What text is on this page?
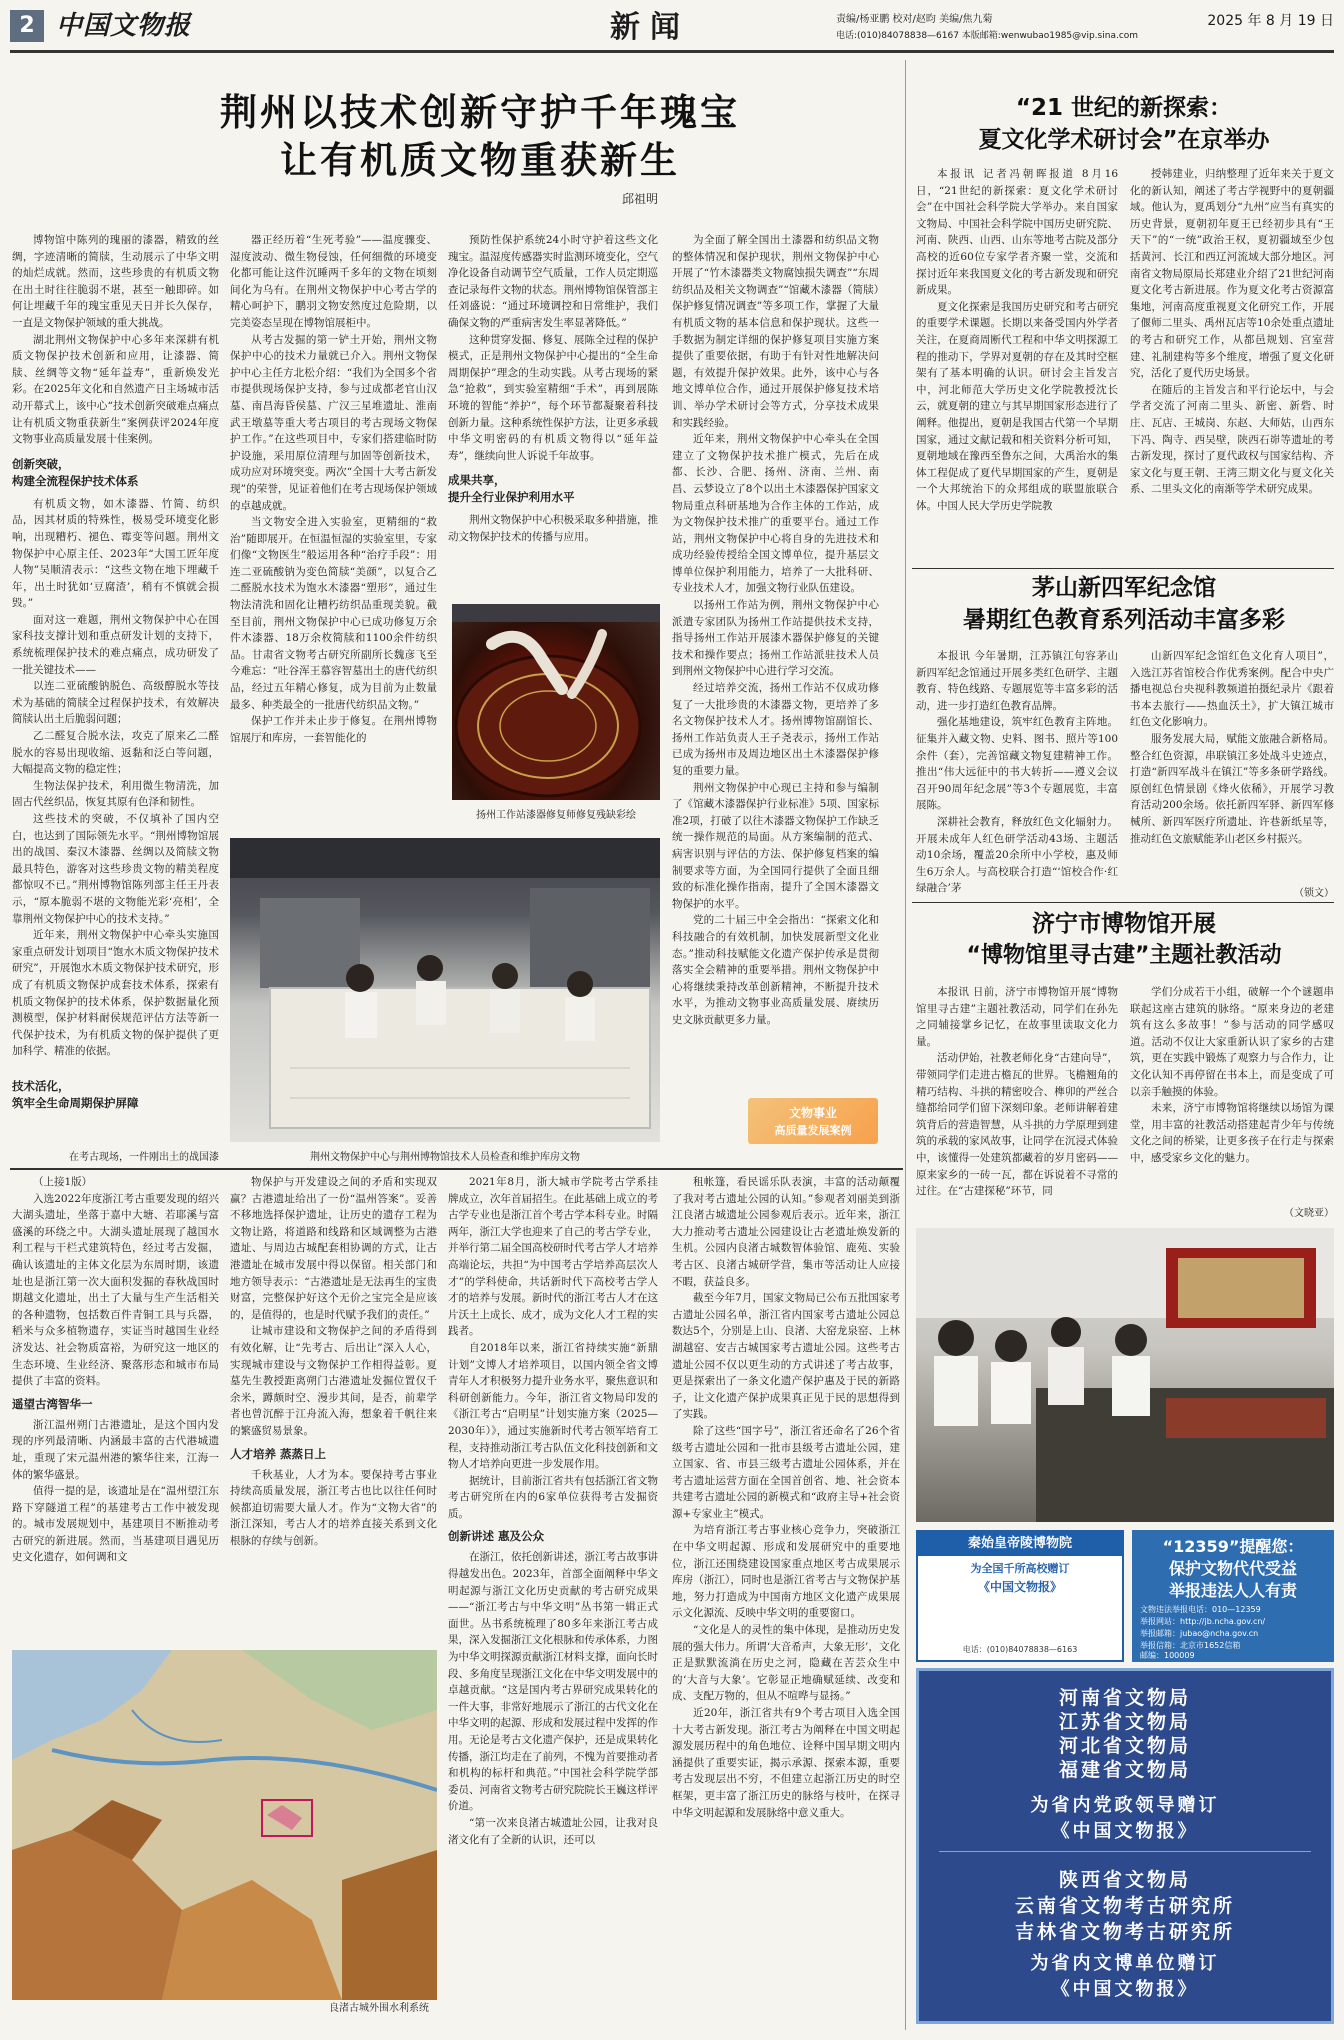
2 中国文物报	新闻	责编/杨亚鹏 校对/赵昀 美编/焦九菊
电话:(010)84078838—6167 本版邮箱:wenwubao1985@vip.sina.com
2025 年 8 月 19 日
荆州以技术创新守护千年瑰宝
让有机质文物重获新生
邱祖明

博物馆中陈列的瑰丽的漆器，精致的丝绸，字迹清晰的简牍，生动展示了中华文明的灿烂成就。然而，这些珍贵的有机质文物在出土时往往脆弱不堪，甚至一触即碎。如何让埋藏千年的瑰宝重见天日并长久保存，一直是文物保护领域的重大挑战。

湖北荆州文物保护中心多年来深耕有机质文物保护技术创新和应用，让漆器、简牍、丝绸等文物“延年益寿”，重新焕发光彩。在2025年文化和自然遗产日主场城市活动开幕式上，该中心“技术创新突破难点痛点 让有机质文物重获新生”案例获评2024年度文物事业高质量发展十佳案例。

创新突破，

构建全流程保护技术体系

有机质文物，如木漆器、竹简、纺织品，因其材质的特殊性，极易受环境变化影响，出现糟朽、褪色、霉变等问题。荆州文物保护中心原主任、2023年“大国工匠年度人物”吴顺清表示：“这些文物在地下埋藏千年，出土时犹如‘豆腐渣’，稍有不慎就会损毁。”

面对这一难题，荆州文物保护中心在国家科技支撑计划和重点研发计划的支持下，系统梳理保护技术的难点痛点，成功研发了一批关键技术——

以连二亚硫酸钠脱色、高级醇脱水等技术为基础的简牍全过程保护技术，有效解决简牍认出土后脆弱问题；

乙二醛复合脱水法，攻克了原来乙二醛脱水的容易出现收缩、返黏和泛白等问题，大幅提高文物的稳定性；

生物法保护技术，利用微生物清洗，加固古代丝织品，恢复其原有色泽和韧性。

这些技术的突破，不仅填补了国内空白，也达到了国际领先水平。“荆州博物馆展出的战国、秦汉木漆器、丝绸以及简牍文物最具特色，游客对这些珍贵文物的精美程度都惊叹不已。”荆州博物馆陈列部主任王丹表示，“原本脆弱不堪的文物能光彩‘亮相’，全靠荆州文物保护中心的技术支持。”

近年来，荆州文物保护中心牵头实施国家重点研发计划项目“饱水木质文物保护技术研究”，开展饱水木质文物保护技术研究，形成了有机质文物保护成套技术体系，探索有机质文物保护的技术体系，保护数据量化预测模型，保护材料耐侯规范评估方法等新一代保护技术，为有机质文物的保护提供了更加科学、精准的依据。

技术活化，

筑牢全生命周期保护屏障

在考古现场，一件刚出土的战国漆

器正经历着“生死考验”——温度骤变、湿度波动、微生物侵蚀，任何细微的环境变化都可能让这件沉睡两千多年的文物在顷刻间化为乌有。在荆州文物保护中心考古学的精心呵护下，鹏羽文物安然度过危险期，以完美姿态呈现在博物馆展柜中。

从考古发掘的第一铲土开始，荆州文物保护中心的技术力量就已介入。荆州文物保护中心主任方北松介绍：“我们为全国多个省市提供现场保护支持，参与过成都老官山汉墓、南昌海昏侯墓、广汉三星堆遗址、淮南武王墩墓等重大考古项目的考古现场文物保护工作。”在这些项目中，专家们搭建临时防护设施，采用原位清理与加固等创新技术，成功应对环境突变。两次“全国十大考古新发现”的荣誉，见证着他们在考古现场保护领域的卓越成就。

当文物安全进入实验室，更精细的“救治”随即展开。在恒温恒湿的实验室里，专家们像“文物医生”般运用各种“治疗手段”：用连二亚硫酸钠为变色简牍“美颜”，以复合乙二醛脱水技术为饱水木漆器“塑形”，通过生物法清洗和固化让糟朽纺织品重现美貌。截至目前，荆州文物保护中心已成功修复万余件木漆器、18万余枚简牍和1100余件纺织品。甘肃省文物考古研究所副所长魏彦飞至今难忘：“吐谷浑王慕容智墓出土的唐代纺织品，经过五年精心修复，成为目前为止数量最多、种类最全的一批唐代纺织品文物。”

保护工作并未止步于修复。在荆州博物馆展厅和库房，一套智能化的

预防性保护系统24小时守护着这些文化瑰宝。温湿度传感器实时监测环境变化，空气净化设备自动调节空气质量，工作人员定期巡查记录每件文物的状态。荆州博物馆保管部主任刘盛说：“通过环境调控和日常维护，我们确保文物的严重病害发生率显著降低。”

这种贯穿发掘、修复、展陈全过程的保护模式，正是荆州文物保护中心提出的“全生命周期保护”理念的生动实践。从考古现场的紧急“抢救”，到实验室精细“手术”，再到展陈环境的智能“养护”，每个环节都凝聚着科技创新力量。这种系统性保护方法，让更多承载中华文明密码的有机质文物得以“延年益寿”，继续向世人诉说千年故事。

成果共享，

提升全行业保护利用水平

荆州文物保护中心积极采取多种措施，推动文物保护技术的传播与应用。

扬州工作站漆器修复师修复残缺彩绘
荆州文物保护中心与荆州博物馆技术人员检查和维护库房文物

为全面了解全国出土漆器和纺织品文物的整体情况和保护现状，荆州文物保护中心开展了“竹木漆器类文物腐蚀损失调查”“东周纺织品及相关文物调查”“馆藏木漆器（简牍）保护修复情况调查”等多项工作，掌握了大量有机质文物的基本信息和保护现状。这些一手数据为制定详细的保护修复项目实施方案提供了重要依据，有助于有针对性地解决问题，有效提升保护效果。此外，该中心与各地文博单位合作，通过开展保护修复技术培训、举办学术研讨会等方式，分享技术成果和实践经验。

近年来，荆州文物保护中心牵头在全国建立了文物保护技术推广模式，先后在成都、长沙、合肥、扬州、济南、兰州、南昌、云梦设立了8个以出土木漆器保护国家文物局重点科研基地为合作主体的工作站，成为文物保护技术推广的重要平台。通过工作站，荆州文物保护中心将自身的先进技术和成功经验传授给全国文博单位，提升基层文博单位保护利用能力，培养了一大批科研、专业技术人才，加强文物行业队伍建设。

以扬州工作站为例，荆州文物保护中心派遣专家团队为扬州工作站提供技术支持，指导扬州工作站开展漆木器保护修复的关键技术和操作要点；扬州工作站派驻技术人员到荆州文物保护中心进行学习交流。

经过培养交流，扬州工作站不仅成功修复了一大批珍贵的木漆器文物，更培养了多名文物保护技术人才。扬州博物馆副馆长、扬州工作站负责人王子尧表示，扬州工作站已成为扬州市及周边地区出土木漆器保护修复的重要力量。

荆州文物保护中心现已主持和参与编制了《馆藏木漆器保护行业标准》5项、国家标准2项，打破了以往木漆器文物保护工作缺乏统一操作规范的局面。从方案编制的范式、病害识别与评估的方法、保护修复档案的编制要求等方面，为全国同行提供了全面且细致的标准化操作指南，提升了全国木漆器文物保护的水平。

党的二十届三中全会指出：“探索文化和科技融合的有效机制，加快发展新型文化业态。”推动科技赋能文化遗产保护传承是贯彻落实全会精神的重要举措。荆州文物保护中心将继续秉持改革创新精神，不断提升技术水平，为推动文物事业高质量发展、赓续历史文脉贡献更多力量。

文物事业
高质量发展案例
“21 世纪的新探索：
夏文化学术研讨会”在京举办

本报讯 记者冯朝晖报道 8月16日，“21世纪的新探索：夏文化学术研讨会”在中国社会科学院大学举办。来自国家文物局、中国社会科学院中国历史研究院、河南、陕西、山西、山东等地考古院及部分高校的近60位专家学者齐聚一堂，交流和探讨近年来我国夏文化的考古新发现和研究新成果。

夏文化探索是我国历史研究和考古研究的重要学术课题。长期以来备受国内外学者关注，在夏商周断代工程和中华文明探源工程的推动下，学界对夏朝的存在及其时空框架有了基本明确的认识。研讨会主旨发言中，河北师范大学历史文化学院教授沈长云，就夏朝的建立与其早期国家形态进行了阐释。他提出，夏朝是我国古代第一个早期国家，通过文献记载和相关资料分析可知，夏朝地域在豫西至鲁东之间，大禹治水的集体工程促成了夏代早期国家的产生，夏朝是一个大邦统治下的众邦组成的联盟旅联合体。中国人民大学历史学院教

授韩建业，归纳整理了近年来关于夏文化的新认知，阐述了考古学视野中的夏朝疆域。他认为，夏禹划分“九州”应当有真实的历史背景，夏朝初年夏王已经初步具有“王天下”的“一统”政治王权，夏初疆域至少包括黄河、长江和西辽河流域大部分地区。河南省文物局原局长郑建业介绍了21世纪河南夏文化考古新进展。作为夏文化考古资源富集地，河南高度重视夏文化研究工作，开展了偃师二里头、禹州瓦店等10余处重点遗址的考古和研究工作，从都邑规划、宫室营建、礼制建构等多个维度，增强了夏文化研究，活化了夏代历史场景。

在随后的主旨发言和平行论坛中，与会学者交流了河南二里头、新密、新砦、时庄、瓦店、王城岗、东赵、大师姑，山西东下冯、陶寺、西吴壁，陕西石峁等遗址的考古新发现，探讨了夏代政权与国家结构、齐家文化与夏王朝、王湾三期文化与夏文化关系、二里头文化的南渐等学术研究成果。

茅山新四军纪念馆
暑期红色教育系列活动丰富多彩

本报讯 今年暑期，江苏镇江句容茅山新四军纪念馆通过开展多类红色研学、主题教育、特色线路、专题展览等丰富多彩的活动，进一步打造红色教育品牌。

强化基地建设，筑牢红色教育主阵地。征集并入藏文物、史料、图书、照片等100余件（套），完善馆藏文物复建精神工作。推出“伟大远征中的书大转折——遵义会议召开90周年纪念展”等3个专题展览，丰富展陈。

深耕社会教育，释放红色文化辐射力。开展未成年人红色研学活动43场、主题活动10余场，覆盖20余所中小学校，惠及师生6万余人。与高校联合打造“‘馆校合作·红绿融合’茅

山新四军纪念馆红色文化育人项目”，入选江苏省馆校合作优秀案例。配合中央广播电视总台央视科教频道拍摄纪录片《跟着书本去旅行——热血沃土》，扩大镇江城市红色文化影响力。

服务发展大局，赋能文旅融合新格局。整合红色资源，串联镇江多处战斗史迹点，打造“新四军战斗在镇江”等多条研学路线。原创红色情景剧《烽火依稀》，开展学习教育活动200余场。依托新四军驿、新四军修械所、新四军医疗所遗址、许巷新纸星等，推动红色文旅赋能茅山老区乡村振兴。

（锁文）
济宁市博物馆开展
“博物馆里寻古建”主题社教活动

本报讯 日前，济宁市博物馆开展“博物馆里寻古建”主题社教活动，同学们在孙先之同辅接掌乡记忆，在故事里读取文化力量。

活动伊始，社教老师化身“古建向导”，带领同学们走进古檐瓦的世界。飞檐翘角的精巧结构、斗拱的精密咬合、榫卯的严丝合缝都给同学们留下深刻印象。老师讲解着建筑背后的营造智慧，从斗拱的力学原理到建筑的承载的家风故事，让同学在沉浸式体验中，该懂得一处建筑都藏着的岁月密码——原来家乡的一砖一瓦，都在诉说着不寻常的过往。在“古建探秘”环节，同

学们分成若干小组，破解一个个谜题串联起这座古建筑的脉络。“原来身边的老建筑有这么多故事！”参与活动的同学感叹道。活动不仅让大家重新认识了家乡的古建筑，更在实践中锻炼了观察力与合作力，让文化认知不再停留在书本上，而是变成了可以亲手触摸的体验。

未来，济宁市博物馆将继续以场馆为课堂，用丰富的社教活动搭建起青少年与传统文化之间的桥梁，让更多孩子在行走与探索中，感受家乡文化的魅力。

（文晓亚）
秦始皇帝陵博物院
为全国千所高校赠订
《中国文物报》
电话：(010)84078838—6163
“12359”提醒您：
保护文物代代受益
举报违法人人有责
文物违法举报电话：010—12359
举报网站：http://jb.ncha.gov.cn/
举报邮箱：jubao@ncha.gov.cn
举报信箱：北京市1652信箱
邮编：100009
河南省文物局
江苏省文物局
河北省文物局
福建省文物局
为省内党政领导赠订
《中国文物报》
陕西省文物局
云南省文物考古研究所
吉林省文物考古研究所
为省内文博单位赠订
《中国文物报》

（上接1版）

入选2022年度浙江考古重要发现的绍兴大湖头遗址，坐落于嘉中大塘、若耶溪与富盛溪的环绕之中。大湖头遗址展现了越国水利工程与干栏式建筑特色，经过考古发掘，确认该遗址的主体文化层为东周时期，该遗址也是浙江第一次大面积发掘的春秋战国时期越文化遗址，出土了大量与生产生活相关的各种遗物，包括数百件青铜工具与兵器，稻米与众多植物遗存，实证当时越国生业经济发达、社会物质富裕，为研究这一地区的生态环境、生业经济、聚落形态和城市布局提供了丰富的资料。

遥望古湾智华一

浙江温州朔门古港遗址，是这个国内发现的序列最清晰、内涵最丰富的古代港城遗址，重现了宋元温州港的繁华往来，江海一体的繁华盛景。

值得一提的是，该遗址是在“温州望江东路下穿隧道工程”的基建考古工作中被发现的。城市发展规划中，基建项目不断推动考古研究的新进展。然而，当基建项目遇见历史文化遗存，如何调和文

物保护与开发建设之间的矛盾和实现双赢？古港遗址给出了一份“温州答案”。妥善不移地选择保护遗址，让历史的遗存工程为文物让路，将道路和线路和区域调整为古港遗址、与周边古城配套相协调的方式，让古港遗址在城市发展中得以保留。相关部门和地方领导表示：“古港遗址是无法再生的宝贵财富，完整保护好这个无价之宝完全是应该的，是值得的，也是时代赋予我们的责任。”

让城市建设和文物保护之间的矛盾得到有效化解，让“先考古、后出让”深入人心，实现城市建设与文物保护工作相得益彰。夏墓先生教授距离朔门古港遗址发掘位置仅千余米，蹲颇时空、漫步其间，是否，前辈学者也曾沉醉于江舟流入海，想象着千帆往来的繁盛贸易景象。

人才培养 蒸蒸日上

千秋基业，人才为本。要保持考古事业持续高质量发展，浙江考古也比以往任何时候都迫切需要大量人才。作为“文物大省”的浙江深知，考古人才的培养直接关系到文化根脉的存续与创新。

2021年8月，浙大城市学院考古学系挂牌成立，次年首届招生。在此基础上成立的考古学专业也是浙江首个考古学本科专业。时隔两年，浙江大学也迎来了自己的考古学专业，并举行第二届全国高校研时代考古学人才培养高端论坛，共担“为中国考古学培养高层次人才”的学科使命，共话新时代下高校考古学人才的培养与发展。新时代的浙江考古人才在这片沃土上成长、成才，成为文化人才工程的实践者。

自2018年以来，浙江省持续实施“新鼎计划”文博人才培养项目，以国内领全省文博青年人才积极努力提升业务水平，聚焦意识和科研创新能力。今年，浙江省文物局印发的《浙江考古“启明星”计划实施方案（2025—2030年）》，通过实施新时代考古领军培育工程，支持推动浙江考古队伍文化科技创新和文物人才培养向更进一步发展作用。

据统计，目前浙江省共有包括浙江省文物考古研究所在内的6家单位获得考古发掘资质。

创新讲述 惠及公众

在浙江，依托创新讲述，浙江考古故事讲得越发出色。2023年，首部全面阐释中华文明起源与浙江文化历史贡献的考古研究成果——“浙江考古与中华文明”丛书第一辑正式面世。丛书系统梳理了80多年来浙江考古成果，深入发掘浙江文化根脉和传承体系，力图为中华文明探源贡献浙江材料支撑，面向长时段、多角度呈现浙江文化在中华文明发展中的卓越贡献。“这是国内考古界研究成果转化的一件大事，非常好地展示了浙江的古代文化在中华文明的起源、形成和发展过程中发挥的作用。无论是考古文化遗产保护，还是成果转化传播，浙江均走在了前列，不愧为首要推动者和机构的标杆和典范。”中国社会科学院学部委员、河南省文物考古研究院院长王巍这样评价道。

“第一次来良渚古城遗址公园，让我对良渚文化有了全新的认识，还可以

租帐篷，看民谣乐队表演，丰富的活动颠覆了我对考古遗址公园的认知。”参观者刘丽美到浙江良渚古城遗址公园参观后表示。近年来，浙江大力推动考古遗址公园建设让古老遗址焕发新的生机。公园内良渚古城数智体验馆、鹿苑、实验考古区、良渚古城研学营，集市等活动让人应接不暇，获益良多。

截至今年7月，国家文物局已公布五批国家考古遗址公园名单，浙江省内国家考古遗址公园总数达5个，分别是上山、良渚、大窑龙泉窑、上林湖越窑、安吉古城国家考古遗址公园。这些考古遗址公园不仅以更生动的方式讲述了考古故事，更是探索出了一条文化遗产保护惠及于民的新路子，让文化遗产保护成果真正见于民的思想得到了实践。

除了这些“国字号”，浙江省还命名了26个省级考古遗址公园和一批市县级考古遗址公园，建立国家、省、市县三级考古遗址公园体系，并在考古遗址运营方面在全国首创省、地、社会资本共建考古遗址公园的新模式和“政府主导+社会资源+专家业主”模式。

为培育浙江考古事业核心竞争力，突破浙江在中华文明起源、形成和发展研究中的重要地位，浙江还围绕建设国家重点地区考古成果展示库房（浙江），同时也是浙江省考古与文物保护基地，努力打造成为中国南方地区文化遗产成果展示文化源流、反映中华文明的重要窗口。

“文化是人的灵性的集中体现，是推动历史发展的强大伟力。所谓‘大音希声，大象无形’，文化正是默默流淌在历史之河，隐藏在苦芸众生中的‘大音与大象’。它彰显正地确赋延续、改变和成、支配万物的，但从不喧哗与显扬。”

近20年，浙江省共有9个考古项目入选全国十大考古新发现。浙江考古为阐释在中国文明起源发展历程中的角色地位、诠释中国早期文明内涵提供了重要实证，揭示承源、探索本源，重要考古发现层出不穷，不但建立起浙江历史的时空框架，更丰富了浙江历史的脉络与枝叶，在探寻中华文明起源和发展脉络中意义重大。

良渚古城外围水利系统
